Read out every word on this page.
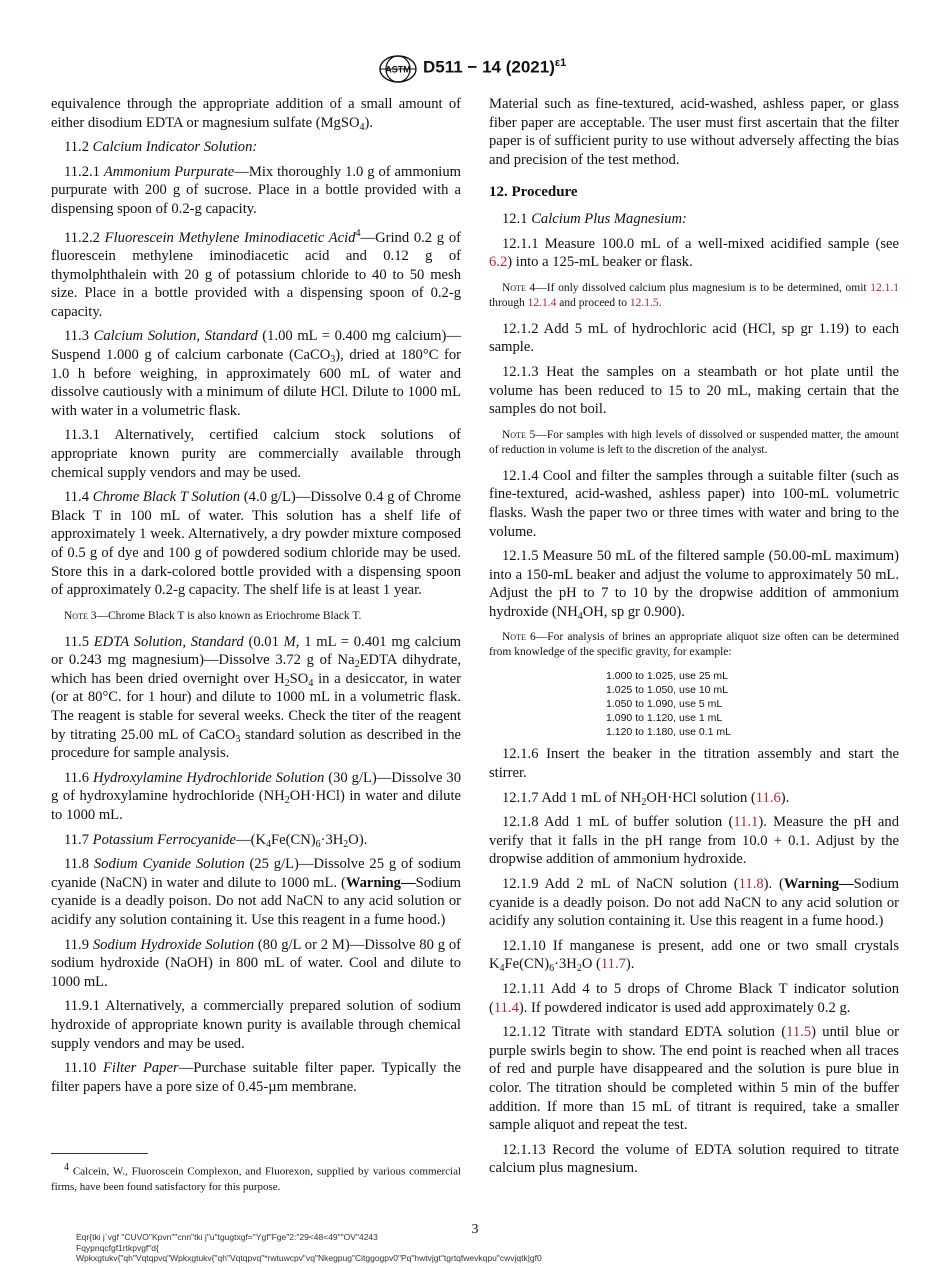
ASTM D511 − 14 $(2021)^{\varepsilon 1}$

equivalence through the appropriate addition of a small amount of either disodium EDTA or magnesium sulfate (MgSO$_4$).

11.2 Calcium Indicator Solution:

11.2.1 Ammonium Purpurate—Mix thoroughly 1.0 g of ammonium purpurate with 200 g of sucrose. Place in a bottle provided with a dispensing spoon of 0.2-g capacity.

11.2.2 Fluorescein Methylene Iminodiacetic Acid$^4$—Grind 0.2 g of fluorescein methylene iminodiacetic acid and 0.12 g of thymolphthalein with 20 g of potassium chloride to 40 to 50 mesh size. Place in a bottle provided with a dispensing spoon of 0.2-g capacity.

11.3 Calcium Solution, Standard (1.00 mL = 0.400 mg calcium)—Suspend 1.000 g of calcium carbonate (CaCO$_3$), dried at 180°C for 1.0 h before weighing, in approximately 600 mL of water and dissolve cautiously with a minimum of dilute HCl. Dilute to 1000 mL with water in a volumetric flask.

11.3.1 Alternatively, certified calcium stock solutions of appropriate known purity are commercially available through chemical supply vendors and may be used.

11.4 Chrome Black T Solution (4.0 g/L)—Dissolve 0.4 g of Chrome Black T in 100 mL of water. This solution has a shelf life of approximately 1 week. Alternatively, a dry powder mixture composed of 0.5 g of dye and 100 g of powdered sodium chloride may be used. Store this in a dark-colored bottle provided with a dispensing spoon of approximately 0.2-g capacity. The shelf life is at least 1 year.

Note 3—Chrome Black T is also known as Eriochrome Black T.

11.5 EDTA Solution, Standard (0.01 M, 1 mL = 0.401 mg calcium or 0.243 mg magnesium)—Dissolve 3.72 g of $Na_2EDTA$ dihydrate, which has been dried overnight over $H_2SO_4$ in a desiccator, in water (or at 80°C. for 1 hour) and dilute to 1000 mL in a volumetric flask. The reagent is stable for several weeks. Check the titer of the reagent by titrating 25.00 mL of CaCO$_3$ standard solution as described in the procedure for sample analysis.

11.6 Hydroxylamine Hydrochloride Solution (30 g/L)—Dissolve 30 g of hydroxylamine hydrochloride $(NH_2OH\cdot HCl)$ in water and dilute to 1000 mL.

11.7 Potassium $Ferrocyanide—(K_4Fe(CN)_6\cdot 3H_2O)$.

11.8 Sodium Cyanide Solution (25 g/L)—Dissolve 25 g of sodium cyanide (NaCN) in water and dilute to 1000 mL. (Warning—Sodium cyanide is a deadly poison. Do not add NaCN to any acid solution or acidify any solution containing it. Use this reagent in a fume hood.)

11.9 Sodium Hydroxide Solution (80 g/L or 2 M)—Dissolve 80 g of sodium hydroxide (NaOH) in 800 mL of water. Cool and dilute to 1000 mL.

11.9.1 Alternatively, a commercially prepared solution of sodium hydroxide of appropriate known purity is available through chemical supply vendors and may be used.

11.10 Filter Paper—Purchase suitable filter paper. Typically the filter papers have a pore size of 0.45-µm membrane.

Material such as fine-textured, acid-washed, ashless paper, or glass fiber paper are acceptable. The user must first ascertain that the filter paper is of sufficient purity to use without adversely affecting the bias and precision of the test method.

12. Procedure

12.1 Calcium Plus Magnesium:

12.1.1 Measure 100.0 mL of a well-mixed acidified sample (see 6.2) into a 125-mL beaker or flask.

Note 4—If only dissolved calcium plus magnesium is to be determined, omit 12.1.1 through 12.1.4 and proceed to 12.1.5.

12.1.2 Add 5 mL of hydrochloric acid (HCl, sp gr 1.19) to each sample.

12.1.3 Heat the samples on a steambath or hot plate until the volume has been reduced to 15 to 20 mL, making certain that the samples do not boil.

Note 5—For samples with high levels of dissolved or suspended matter, the amount of reduction in volume is left to the discretion of the analyst.

12.1.4 Cool and filter the samples through a suitable filter (such as fine-textured, acid-washed, ashless paper) into 100-mL volumetric flasks. Wash the paper two or three times with water and bring to the volume.

12.1.5 Measure 50 mL of the filtered sample (50.00-mL maximum) into a 150-mL beaker and adjust the volume to approximately 50 mL. Adjust the pH to 7 to 10 by the dropwise addition of ammonium hydroxide ($NH_4OH$, sp gr 0.900).

Note 6—For analysis of brines an appropriate aliquot size often can be determined from knowledge of the specific gravity, for example:

1.000 to 1.025, use 25 mL
1.025 to 1.050, use 10 mL
1.050 to 1.090, use 5 mL
1.090 to 1.120, use 1 mL
1.120 to 1.180, use 0.1 mL

12.1.6 Insert the beaker in the titration assembly and start the stirrer.

12.1.7 Add 1 mL of $NH_2OH\cdot HCl$ solution (11.6).

12.1.8 Add 1 mL of buffer solution (11.1). Measure the pH and verify that it falls in the pH range from 10.0 + 0.1. Adjust by the dropwise addition of ammonium hydroxide.

12.1.9 Add 2 mL of NaCN solution (11.8). (Warning—Sodium cyanide is a deadly poison. Do not add NaCN to any acid solution or acidify any solution containing it. Use this reagent in a fume hood.)

12.1.10 If manganese is present, add one or two small crystals $K_4Fe(CN)_6\cdot 3H_2O$ (11.7).

12.1.11 Add 4 to 5 drops of Chrome Black T indicator solution (11.4). If powdered indicator is used add approximately 0.2 g.

12.1.12 Titrate with standard EDTA solution (11.5) until blue or purple swirls begin to show. The end point is reached when all traces of red and purple have disappeared and the solution is pure blue in color. The titration should be completed within 5 min of the buffer addition. If more than 15 mL of titrant is required, take a smaller sample aliquot and repeat the test.

12.1.13 Record the volume of EDTA solution required to titrate calcium plus magnesium.

$^4$ Calcein, W., Fluoroscein Complexon, and Fluorexon, supplied by various commercial firms, have been found satisfactory for this purpose.
3
Eqr{tki j`vgf "CUVO"Kpvn""cnn"tki j"u"tgugtxgf="Ygf"Fge"2:"29<48<49""OV"4243
Fqypnqcfgf1rtkpvgf"d{
Wpkxgtukv{"qh"Vqtqpvq"Wpkxgtukv{"qh"Vqtqpvq"*rwtuwcpv"vq"Nkegpug"Citggogpv0"Pq"hwtvjgt"tgrtqfwevkqpu"cwvjqtk|gf0
